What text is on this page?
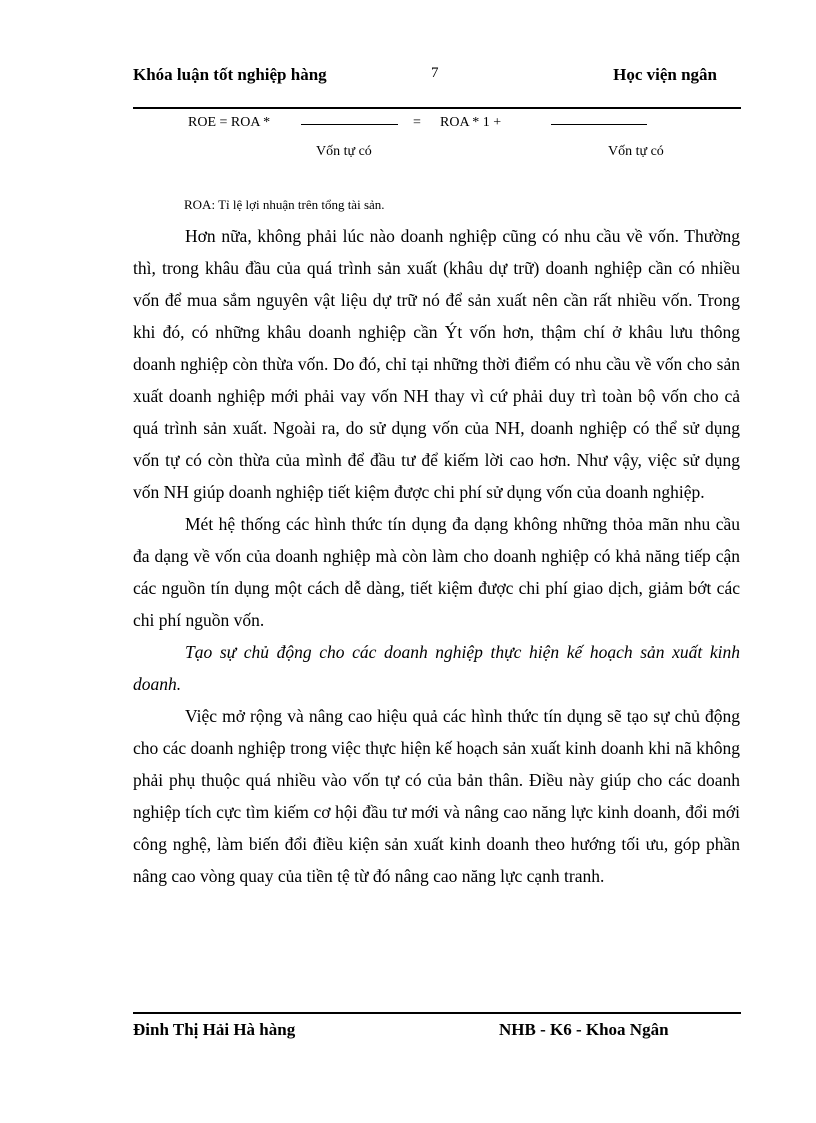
Khóa luận tốt nghiệp hàng	7	Học viện ngân
ROE = ROA *	= ROA * 1 +
Vốn tự có	Vốn tự có
ROA: Tỉ lệ lợi nhuận trên tổng tài sản.

Hơn nữa, không phải lúc nào doanh nghiệp cũng có nhu cầu về vốn. Thường thì, trong khâu đầu của quá trình sản xuất (khâu dự trữ) doanh nghiệp cần có nhiều vốn để mua sắm nguyên vật liệu dự trữ nó để sản xuất nên cần rất nhiều vốn. Trong khi đó, có những khâu doanh nghiệp cần Ýt vốn hơn, thậm chí ở khâu lưu thông doanh nghiệp còn thừa vốn. Do đó, chỉ tại những thời điểm có nhu cầu về vốn cho sản xuất doanh nghiệp mới phải vay vốn NH thay vì cứ phải duy trì toàn bộ vốn cho cả quá trình sản xuất. Ngoài ra, do sử dụng vốn của NH, doanh nghiệp có thể sử dụng vốn tự có còn thừa của mình để đầu tư để kiếm lời cao hơn. Như vậy, việc sử dụng vốn NH giúp doanh nghiệp tiết kiệm được chi phí sử dụng vốn của doanh nghiệp.

Mét hệ thống các hình thức tín dụng đa dạng không những thỏa mãn nhu cầu đa dạng về vốn của doanh nghiệp mà còn làm cho doanh nghiệp có khả năng tiếp cận các nguồn tín dụng một cách dễ dàng, tiết kiệm được chi phí giao dịch, giảm bớt các chi phí nguồn vốn.

Tạo sự chủ động cho các doanh nghiệp thực hiện kế hoạch sản xuất kinh doanh.

Việc mở rộng và nâng cao hiệu quả các hình thức tín dụng sẽ tạo sự chủ động cho các doanh nghiệp trong việc thực hiện kế hoạch sản xuất kinh doanh khi nã không phải phụ thuộc quá nhiều vào vốn tự có của bản thân. Điều này giúp cho các doanh nghiệp tích cực tìm kiếm cơ hội đầu tư mới và nâng cao năng lực kinh doanh, đổi mới công nghệ, làm biến đổi điều kiện sản xuất kinh doanh theo hướng tối ưu, góp phần nâng cao vòng quay của tiền tệ từ đó nâng cao năng lực cạnh tranh.

Đinh Thị Hải Hà hàng	NHB - K6 - Khoa Ngân
